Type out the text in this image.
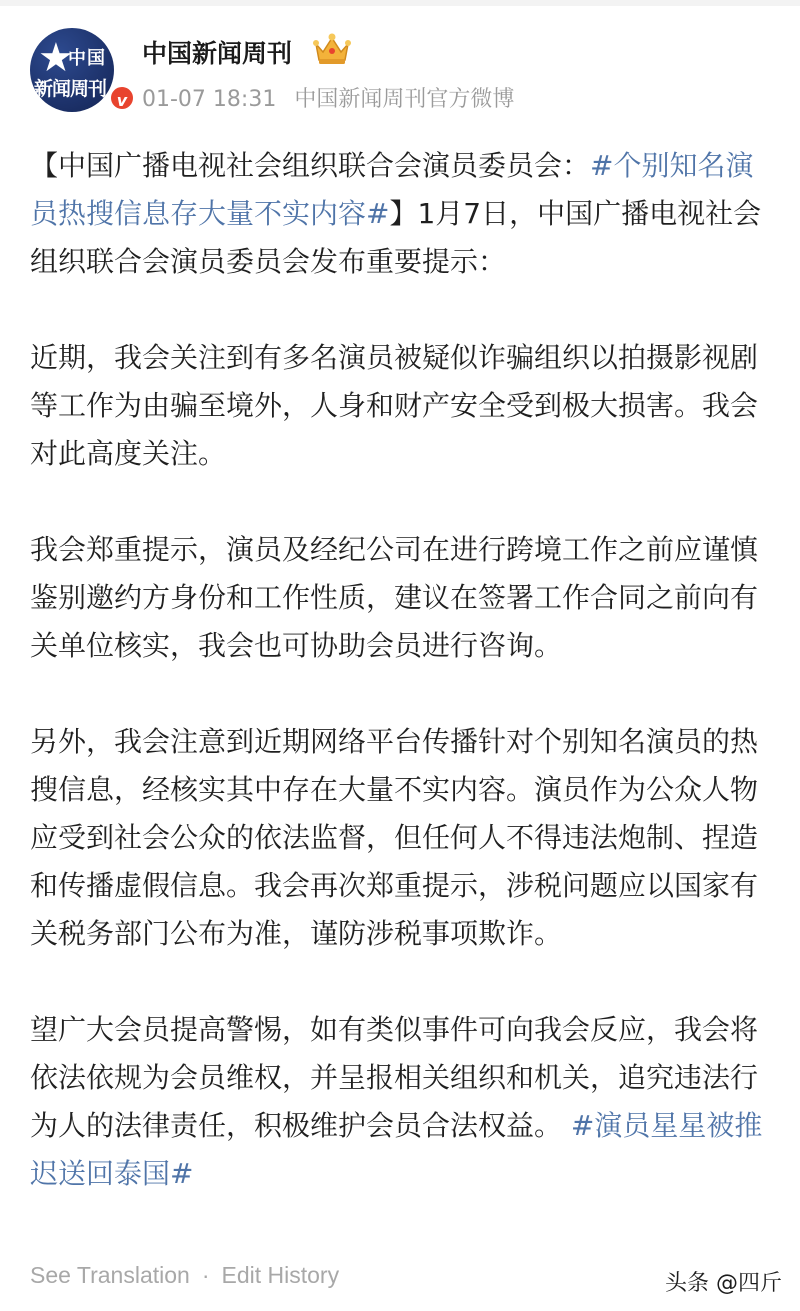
★
中国
新闻周刊
v
中国新闻周刊
01-07 18:31 中国新闻周刊官方微博

【中国广播电视社会组织联合会演员委员会：#个别知名演员热搜信息存大量不实内容#】1月7日，中国广播电视社会组织联合会演员委员会发布重要提示：

近期，我会关注到有多名演员被疑似诈骗组织以拍摄影视剧等工作为由骗至境外，人身和财产安全受到极大损害。我会对此高度关注。

我会郑重提示，演员及经纪公司在进行跨境工作之前应谨慎鉴别邀约方身份和工作性质，建议在签署工作合同之前向有关单位核实，我会也可协助会员进行咨询。

另外，我会注意到近期网络平台传播针对个别知名演员的热搜信息，经核实其中存在大量不实内容。演员作为公众人物应受到社会公众的依法监督，但任何人不得违法炮制、捏造和传播虚假信息。我会再次郑重提示，涉税问题应以国家有关税务部门公布为准，谨防涉税事项欺诈。

望广大会员提高警惕，如有类似事件可向我会反应，我会将依法依规为会员维权，并呈报相关组织和机关，追究违法行为人的法律责任，积极维护会员合法权益。 #演员星星被推迟送回泰国#

See Translation · Edit History	头条 @四斤
